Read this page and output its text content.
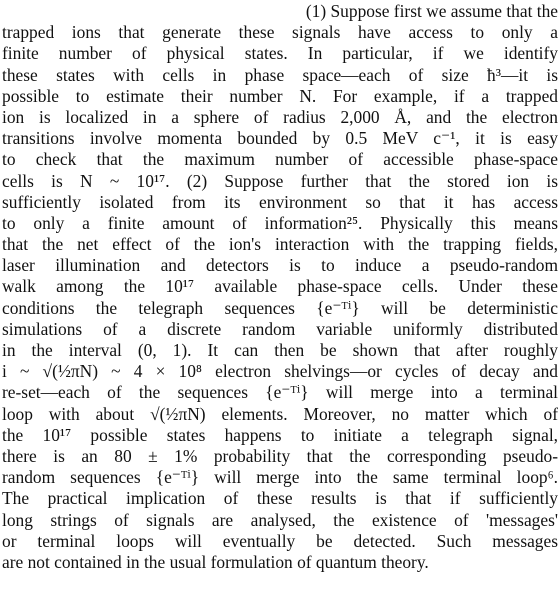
(1) Suppose first we assume that the
trapped ions that generate these signals have access to only a
finite number of physical states. In particular, if we identify
these states with cells in phase space—each of size ħ³—it is
possible to estimate their number N. For example, if a trapped
ion is localized in a sphere of radius 2,000 Å, and the electron
transitions involve momenta bounded by 0.5 MeV c⁻¹, it is easy
to check that the maximum number of accessible phase-space
cells is N ~ 10¹⁷. (2) Suppose further that the stored ion is
sufficiently isolated from its environment so that it has access
to only a finite amount of information²⁵. Physically this means
that the net effect of the ion's interaction with the trapping fields,
laser illumination and detectors is to induce a pseudo-random
walk among the 10¹⁷ available phase-space cells. Under these
conditions the telegraph sequences {e⁻ᵀⁱ} will be deterministic
simulations of a discrete random variable uniformly distributed
in the interval (0, 1). It can then be shown that after roughly
i ~ √(½πN) ~ 4 × 10⁸ electron shelvings—or cycles of decay and
re-set—each of the sequences {e⁻ᵀⁱ} will merge into a terminal
loop with about √(½πN) elements. Moreover, no matter which of
the 10¹⁷ possible states happens to initiate a telegraph signal,
there is an 80 ± 1% probability that the corresponding pseudo-
random sequences {e⁻ᵀⁱ} will merge into the same terminal loop⁶.
The practical implication of these results is that if sufficiently
long strings of signals are analysed, the existence of 'messages'
or terminal loops will eventually be detected. Such messages
are not contained in the usual formulation of quantum theory.
